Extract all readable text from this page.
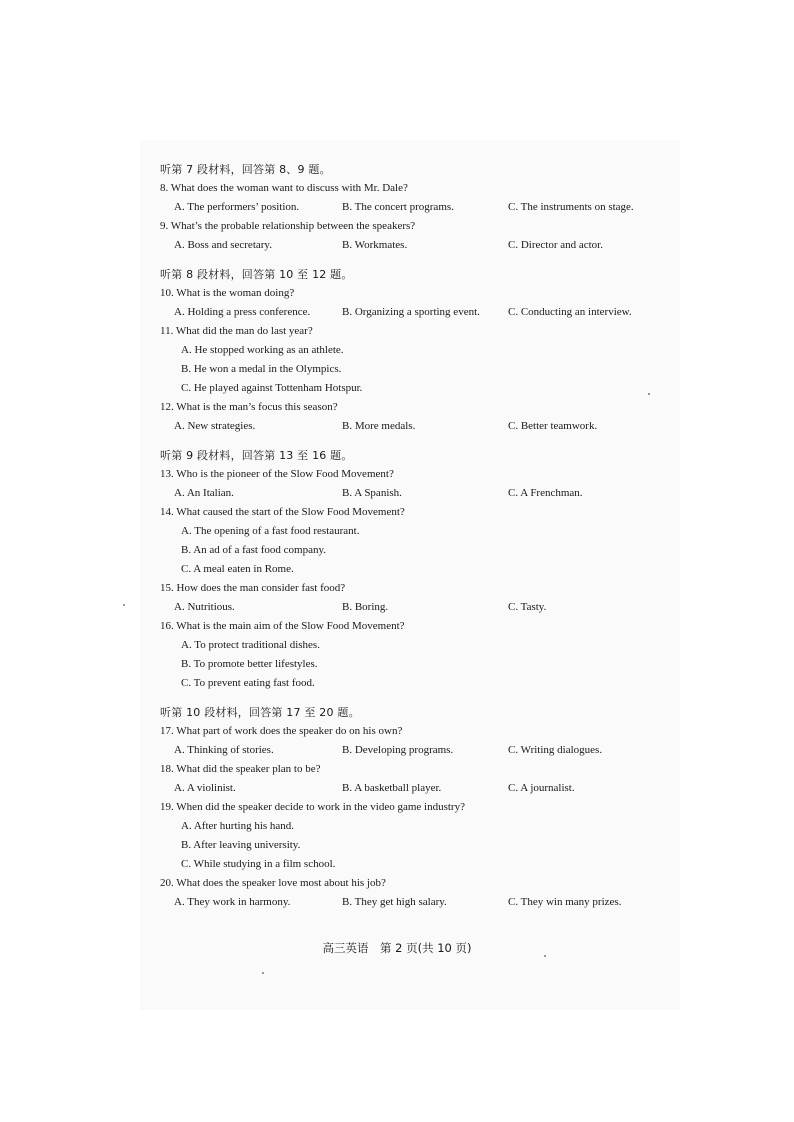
听第 7 段材料，回答第 8、9 题。
8. What does the woman want to discuss with Mr. Dale?
A. The performers’ position.	B. The concert programs.	C. The instruments on stage.
9. What’s the probable relationship between the speakers?
A. Boss and secretary.	B. Workmates.	C. Director and actor.
听第 8 段材料，回答第 10 至 12 题。
10. What is the woman doing?
A. Holding a press conference.	B. Organizing a sporting event.	C. Conducting an interview.
11. What did the man do last year?
A. He stopped working as an athlete.
B. He won a medal in the Olympics.
C. He played against Tottenham Hotspur.
12. What is the man’s focus this season?
A. New strategies.	B. More medals.	C. Better teamwork.
听第 9 段材料，回答第 13 至 16 题。
13. Who is the pioneer of the Slow Food Movement?
A. An Italian.	B. A Spanish.	C. A Frenchman.
14. What caused the start of the Slow Food Movement?
A. The opening of a fast food restaurant.
B. An ad of a fast food company.
C. A meal eaten in Rome.
15. How does the man consider fast food?
A. Nutritious.	B. Boring.	C. Tasty.
16. What is the main aim of the Slow Food Movement?
A. To protect traditional dishes.
B. To promote better lifestyles.
C. To prevent eating fast food.
听第 10 段材料，回答第 17 至 20 题。
17. What part of work does the speaker do on his own?
A. Thinking of stories.	B. Developing programs.	C. Writing dialogues.
18. What did the speaker plan to be?
A. A violinist.	B. A basketball player.	C. A journalist.
19. When did the speaker decide to work in the video game industry?
A. After hurting his hand.
B. After leaving university.
C. While studying in a film school.
20. What does the speaker love most about his job?
A. They work in harmony.	B. They get high salary.	C. They win many prizes.
高三英语　第 2 页(共 10 页)
